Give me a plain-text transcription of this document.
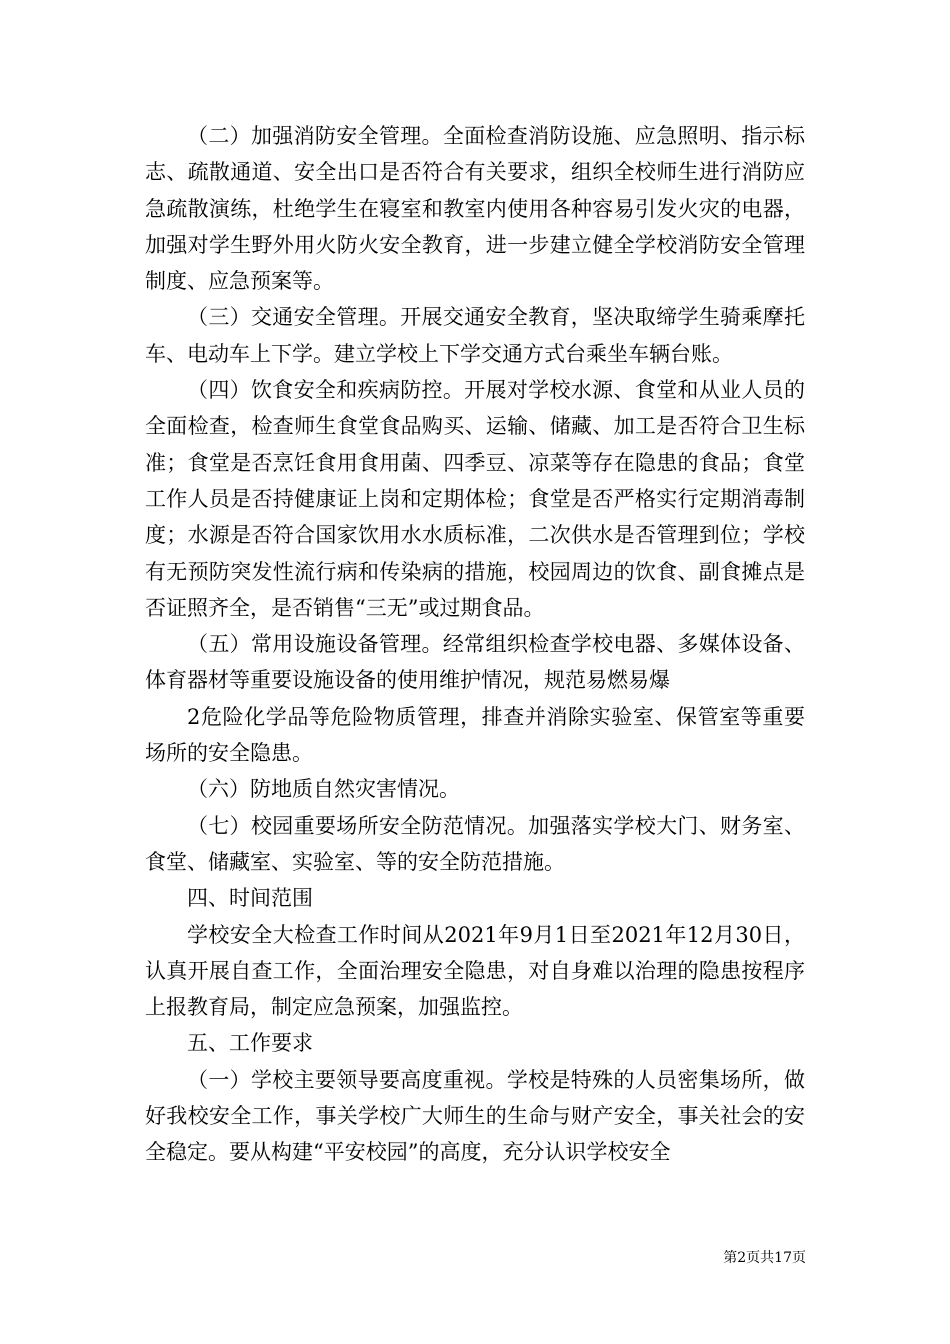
（二）加强消防安全管理。全面检查消防设施、应急照明、指示标志、疏散通道、安全出口是否符合有关要求，组织全校师生进行消防应急疏散演练，杜绝学生在寝室和教室内使用各种容易引发火灾的电器，加强对学生野外用火防火安全教育，进一步建立健全学校消防安全管理制度、应急预案等。

（三）交通安全管理。开展交通安全教育，坚决取缔学生骑乘摩托车、电动车上下学。建立学校上下学交通方式台乘坐车辆台账。

（四）饮食安全和疾病防控。开展对学校水源、食堂和从业人员的全面检查，检查师生食堂食品购买、运输、储藏、加工是否符合卫生标准；食堂是否烹饪食用食用菌、四季豆、凉菜等存在隐患的食品；食堂工作人员是否持健康证上岗和定期体检；食堂是否严格实行定期消毒制度；水源是否符合国家饮用水水质标准，二次供水是否管理到位；学校有无预防突发性流行病和传染病的措施，校园周边的饮食、副食摊点是否证照齐全，是否销售“三无”或过期食品。

（五）常用设施设备管理。经常组织检查学校电器、多媒体设备、体育器材等重要设施设备的使用维护情况，规范易燃易爆

2危险化学品等危险物质管理，排查并消除实验室、保管室等重要场所的安全隐患。

（六）防地质自然灾害情况。

（七）校园重要场所安全防范情况。加强落实学校大门、财务室、食堂、储藏室、实验室、等的安全防范措施。

四、时间范围

学校安全大检查工作时间从2021年9月1日至2021年12月30日，认真开展自查工作，全面治理安全隐患，对自身难以治理的隐患按程序上报教育局，制定应急预案，加强监控。

五、工作要求

（一）学校主要领导要高度重视。学校是特殊的人员密集场所，做好我校安全工作，事关学校广大师生的生命与财产安全，事关社会的安全稳定。要从构建“平安校园”的高度，充分认识学校安全

第2页共17页
